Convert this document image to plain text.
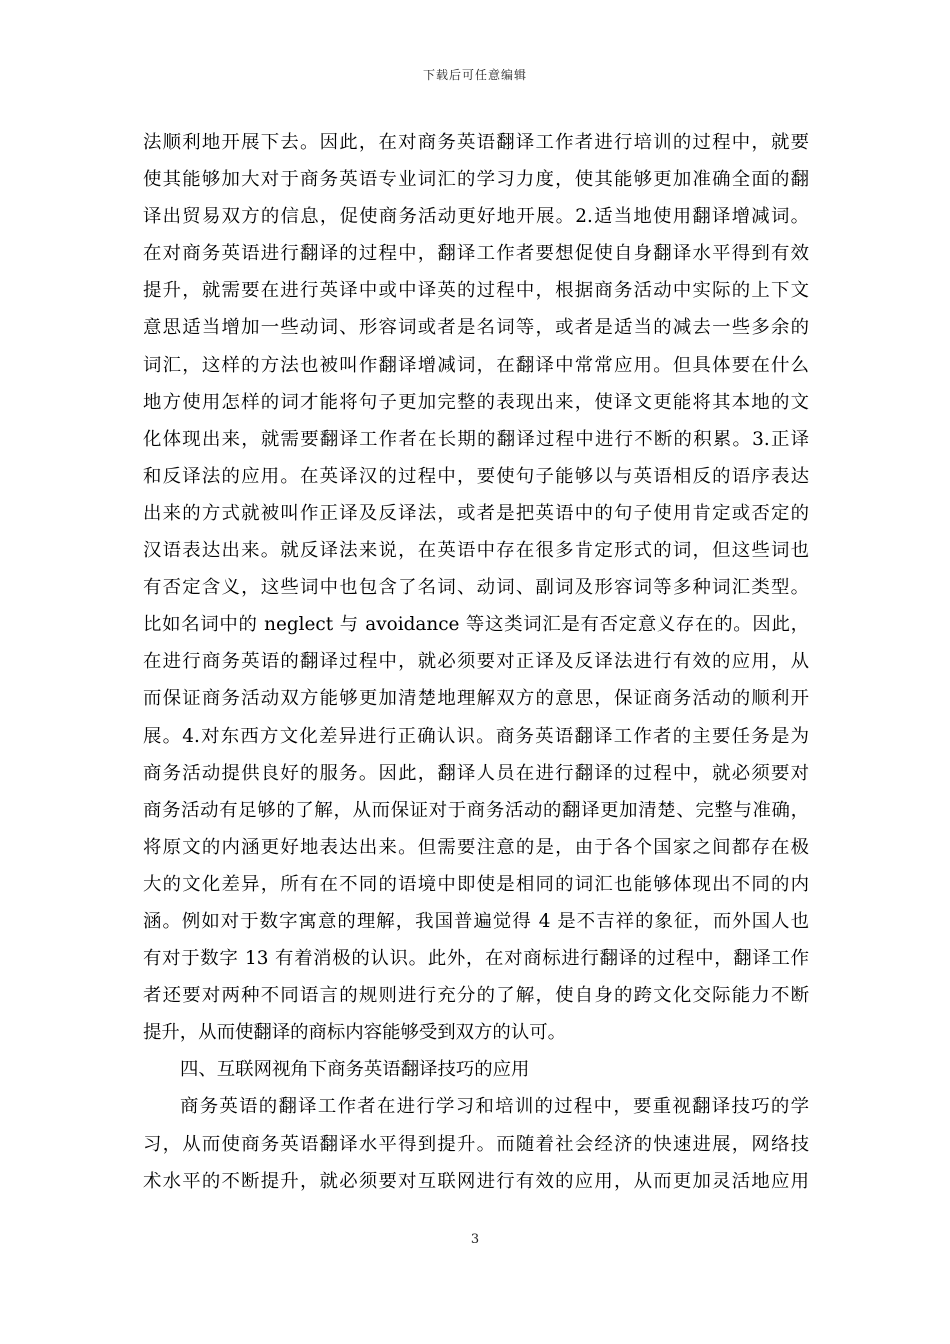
下载后可任意编辑
法顺利地开展下去。因此，在对商务英语翻译工作者进行培训的过程中，就要
使其能够加大对于商务英语专业词汇的学习力度，使其能够更加准确全面的翻
译出贸易双方的信息，促使商务活动更好地开展。2.适当地使用翻译增减词。
在对商务英语进行翻译的过程中，翻译工作者要想促使自身翻译水平得到有效
提升，就需要在进行英译中或中译英的过程中，根据商务活动中实际的上下文
意思适当增加一些动词、形容词或者是名词等，或者是适当的减去一些多余的
词汇，这样的方法也被叫作翻译增减词，在翻译中常常应用。但具体要在什么
地方使用怎样的词才能将句子更加完整的表现出来，使译文更能将其本地的文
化体现出来，就需要翻译工作者在长期的翻译过程中进行不断的积累。3.正译
和反译法的应用。在英译汉的过程中，要使句子能够以与英语相反的语序表达
出来的方式就被叫作正译及反译法，或者是把英语中的句子使用肯定或否定的
汉语表达出来。就反译法来说，在英语中存在很多肯定形式的词，但这些词也
有否定含义，这些词中也包含了名词、动词、副词及形容词等多种词汇类型。
比如名词中的 neglect 与 avoidance 等这类词汇是有否定意义存在的。因此，
在进行商务英语的翻译过程中，就必须要对正译及反译法进行有效的应用，从
而保证商务活动双方能够更加清楚地理解双方的意思，保证商务活动的顺利开
展。4.对东西方文化差异进行正确认识。商务英语翻译工作者的主要任务是为
商务活动提供良好的服务。因此，翻译人员在进行翻译的过程中，就必须要对
商务活动有足够的了解，从而保证对于商务活动的翻译更加清楚、完整与准确，
将原文的内涵更好地表达出来。但需要注意的是，由于各个国家之间都存在极
大的文化差异，所有在不同的语境中即使是相同的词汇也能够体现出不同的内
涵。例如对于数字寓意的理解，我国普遍觉得 4 是不吉祥的象征，而外国人也
有对于数字 13 有着消极的认识。此外，在对商标进行翻译的过程中，翻译工作
者还要对两种不同语言的规则进行充分的了解，使自身的跨文化交际能力不断
提升，从而使翻译的商标内容能够受到双方的认可。
四、互联网视角下商务英语翻译技巧的应用
商务英语的翻译工作者在进行学习和培训的过程中，要重视翻译技巧的学
习，从而使商务英语翻译水平得到提升。而随着社会经济的快速进展，网络技
术水平的不断提升，就必须要对互联网进行有效的应用，从而更加灵活地应用
3
